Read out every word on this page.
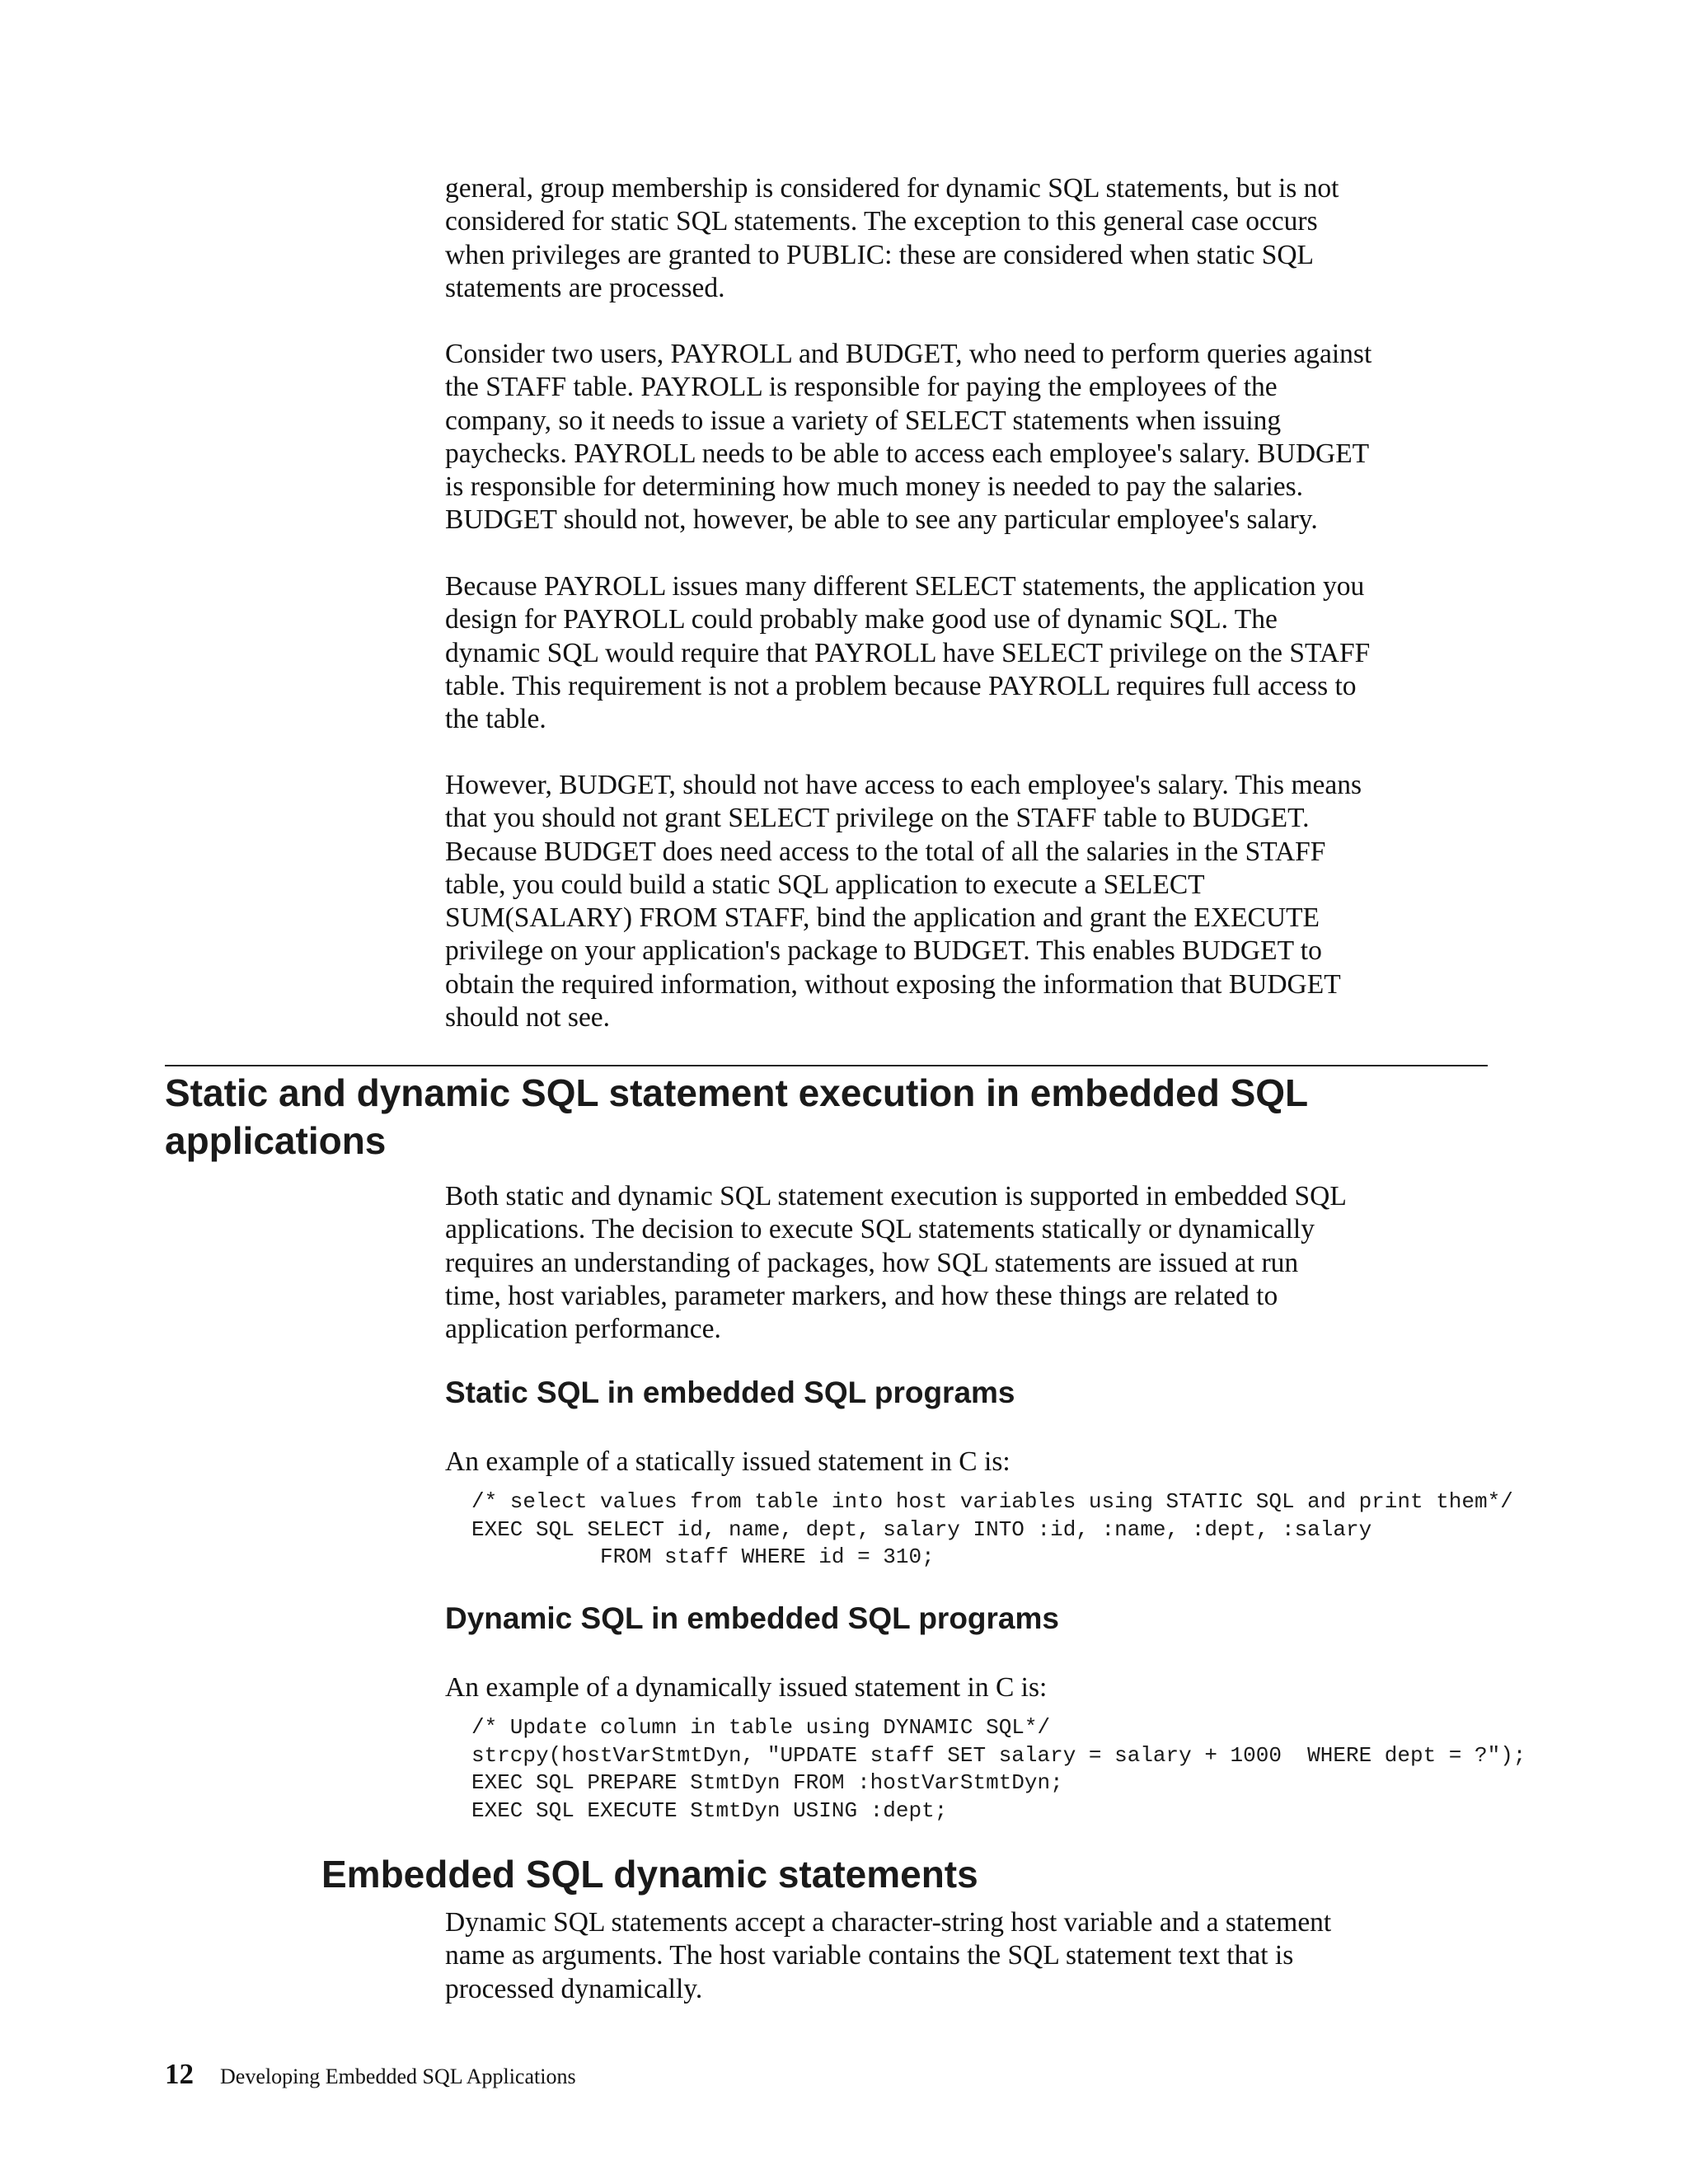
general, group membership is considered for dynamic SQL statements, but is not
considered for static SQL statements. The exception to this general case occurs
when privileges are granted to PUBLIC: these are considered when static SQL
statements are processed.

Consider two users, PAYROLL and BUDGET, who need to perform queries against
the STAFF table. PAYROLL is responsible for paying the employees of the
company, so it needs to issue a variety of SELECT statements when issuing
paychecks. PAYROLL needs to be able to access each employee's salary. BUDGET
is responsible for determining how much money is needed to pay the salaries.
BUDGET should not, however, be able to see any particular employee's salary.

Because PAYROLL issues many different SELECT statements, the application you
design for PAYROLL could probably make good use of dynamic SQL. The
dynamic SQL would require that PAYROLL have SELECT privilege on the STAFF
table. This requirement is not a problem because PAYROLL requires full access to
the table.

However, BUDGET, should not have access to each employee's salary. This means
that you should not grant SELECT privilege on the STAFF table to BUDGET.
Because BUDGET does need access to the total of all the salaries in the STAFF
table, you could build a static SQL application to execute a SELECT
SUM(SALARY) FROM STAFF, bind the application and grant the EXECUTE
privilege on your application's package to BUDGET. This enables BUDGET to
obtain the required information, without exposing the information that BUDGET
should not see.

Static and dynamic SQL statement execution in embedded SQL
applications

Both static and dynamic SQL statement execution is supported in embedded SQL
applications. The decision to execute SQL statements statically or dynamically
requires an understanding of packages, how SQL statements are issued at run
time, host variables, parameter markers, and how these things are related to
application performance.

Static SQL in embedded SQL programs

An example of a statically issued statement in C is:

/* select values from table into host variables using STATIC SQL and print them*/
EXEC SQL SELECT id, name, dept, salary INTO :id, :name, :dept, :salary
FROM staff WHERE id = 310;
Dynamic SQL in embedded SQL programs

An example of a dynamically issued statement in C is:

/* Update column in table using DYNAMIC SQL*/
strcpy(hostVarStmtDyn, "UPDATE staff SET salary = salary + 1000  WHERE dept = ?");
EXEC SQL PREPARE StmtDyn FROM :hostVarStmtDyn;
EXEC SQL EXECUTE StmtDyn USING :dept;
Embedded SQL dynamic statements

Dynamic SQL statements accept a character-string host variable and a statement
name as arguments. The host variable contains the SQL statement text that is
processed dynamically.

12 Developing Embedded SQL Applications
